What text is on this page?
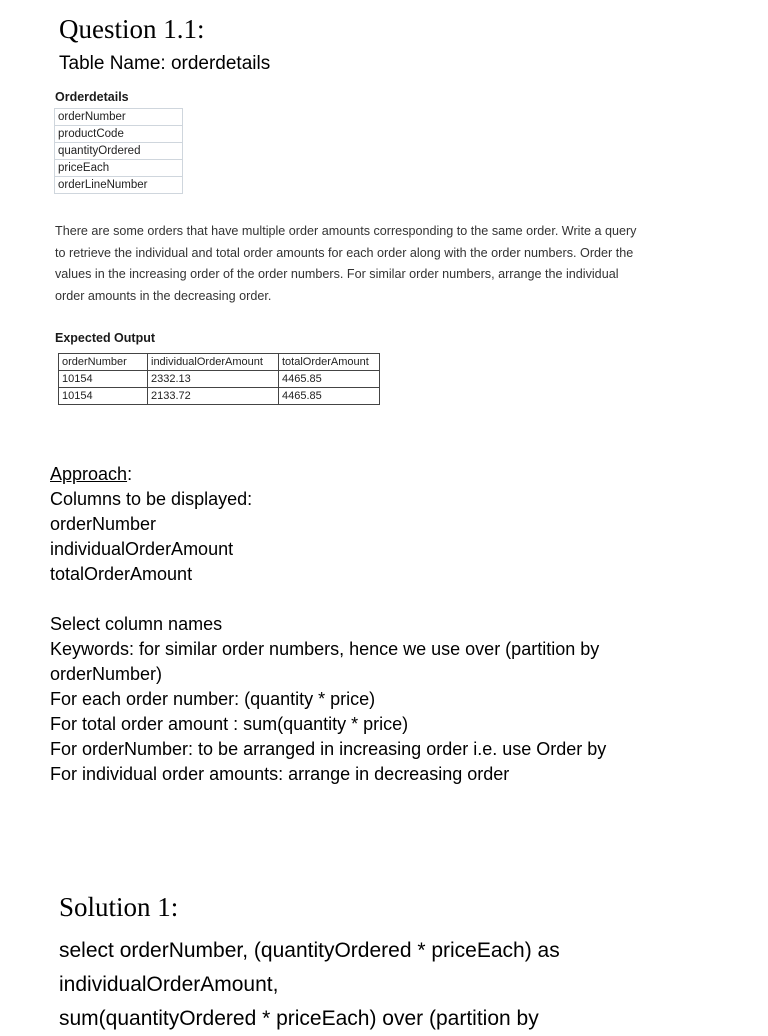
Question 1.1:
Table Name: orderdetails
Orderdetails
orderNumber
productCode
quantityOrdered
priceEach
orderLineNumber
There are some orders that have multiple order amounts corresponding to the same order. Write a query
to retrieve the individual and total order amounts for each order along with the order numbers. Order the
values in the increasing order of the order numbers. For similar order numbers, arrange the individual
order amounts in the decreasing order.
Expected Output
orderNumber	individualOrderAmount	totalOrderAmount
10154	2332.13	4465.85
10154	2133.72	4465.85
Approach:
Columns to be displayed:
orderNumber
individualOrderAmount
totalOrderAmount
Select column names
Keywords: for similar order numbers, hence we use over (partition by
orderNumber)
For each order number: (quantity * price)
For total order amount : sum(quantity * price)
For orderNumber: to be arranged in increasing order i.e. use Order by
For individual order amounts: arrange in decreasing order
Solution 1:
select orderNumber, (quantityOrdered * priceEach) as
individualOrderAmount,
sum(quantityOrdered * priceEach) over (partition by
